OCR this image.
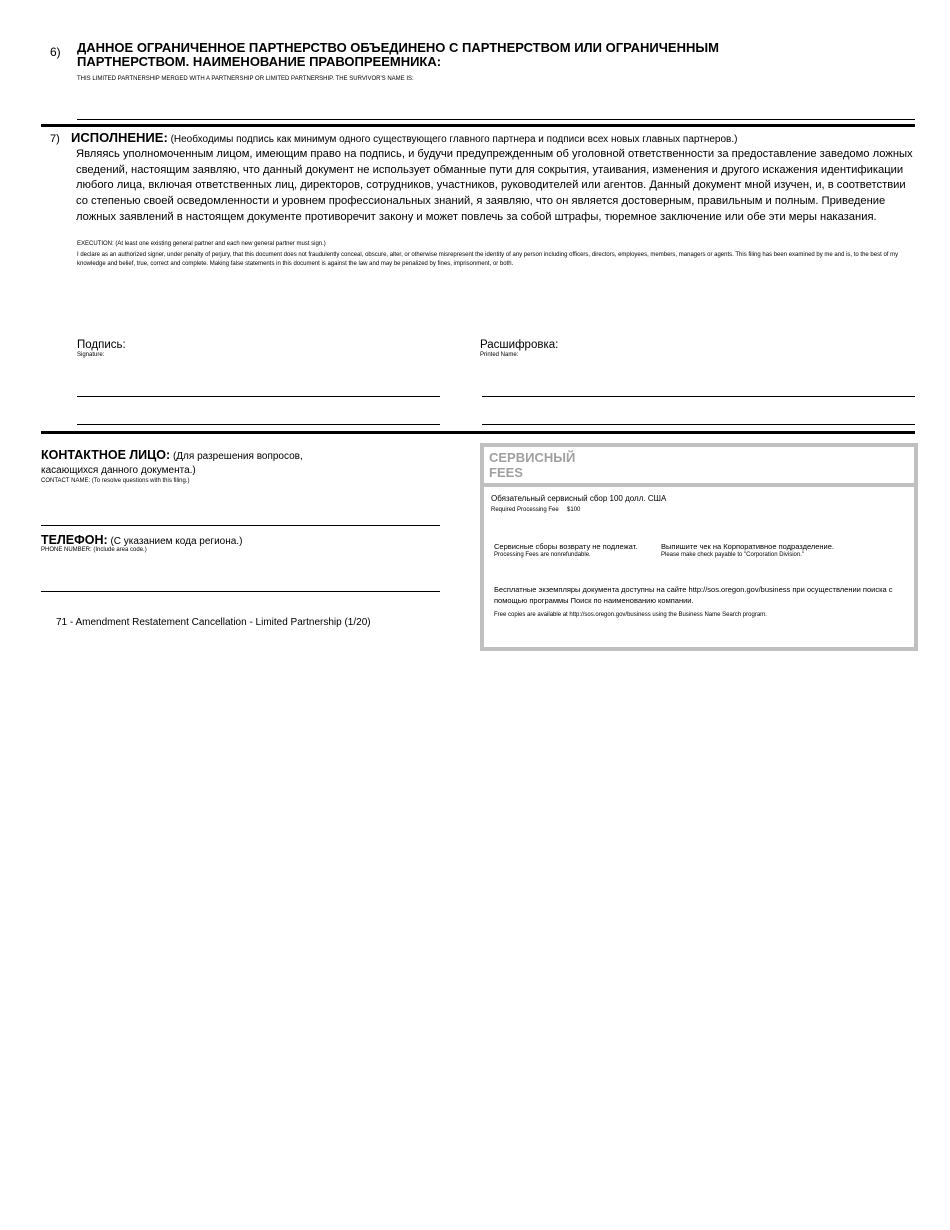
6) ДАННОЕ ОГРАНИЧЕННОЕ ПАРТНЕРСТВО ОБЪЕДИНЕНО С ПАРТНЕРСТВОМ ИЛИ ОГРАНИЧЕННЫМ ПАРТНЕРСТВОМ. НАИМЕНОВАНИЕ ПРАВОПРЕЕМНИКА:
THIS LIMITED PARTNERSHIP MERGED WITH A PARTNERSHIP OR LIMITED PARTNERSHIP. THE SURVIVOR'S NAME IS:
7) ИСПОЛНЕНИЕ: (Необходимы подпись как минимум одного существующего главного партнера и подписи всех новых главных партнеров.)
Являясь уполномоченным лицом, имеющим право на подпись, и будучи предупрежденным об уголовной ответственности за предоставление заведомо ложных сведений, настоящим заявляю, что данный документ не использует обманные пути для сокрытия, утаивания, изменения и другого искажения идентификации любого лица, включая ответственных лиц, директоров, сотрудников, участников, руководителей или агентов. Данный документ мной изучен, и, в соответствии со степенью своей осведомленности и уровнем профессиональных знаний, я заявляю, что он является достоверным, правильным и полным. Приведение ложных заявлений в настоящем документе противоречит закону и может повлечь за собой штрафы, тюремное заключение или обе эти меры наказания.
EXECUTION: (At least one existing general partner and each new general partner must sign.)
I declare as an authorized signer, under penalty of perjury, that this document does not fraudulently conceal, obscure, alter, or otherwise misrepresent the identity of any person including officers, directors, employees, members, managers or agents. This filing has been examined by me and is, to the best of my knowledge and belief, true, correct and complete. Making false statements in this document is against the law and may be penalized by fines, imprisonment, or both.
Подпись:
Signature:
Расшифровка:
Printed Name:
КОНТАКТНОЕ ЛИЦО: (Для разрешения вопросов, касающихся данного документа.)
CONTACT NAME: (To resolve questions with this filing.)
ТЕЛЕФОН: (С указанием кода региона.)
PHONE NUMBER: (Include area code.)
71 - Amendment Restatement Cancellation - Limited Partnership (1/20)
СЕРВИСНЫЙ FEES
Обязательный сервисный сбор 100 долл. США
Required Processing Fee     $100
Сервисные сборы возврату не подлежат.
Processing Fees are nonrefundable.
Выпишите чек на Корпоративное подразделение.
Please make check payable to "Corporation Division."
Бесплатные экземпляры документа доступны на сайте http://sos.oregon.gov/business при осуществлении поиска с помощью программы Поиск по наименованию компании.
Free copies are available at http://sos.oregon.gov/business using the Business Name Search program.
